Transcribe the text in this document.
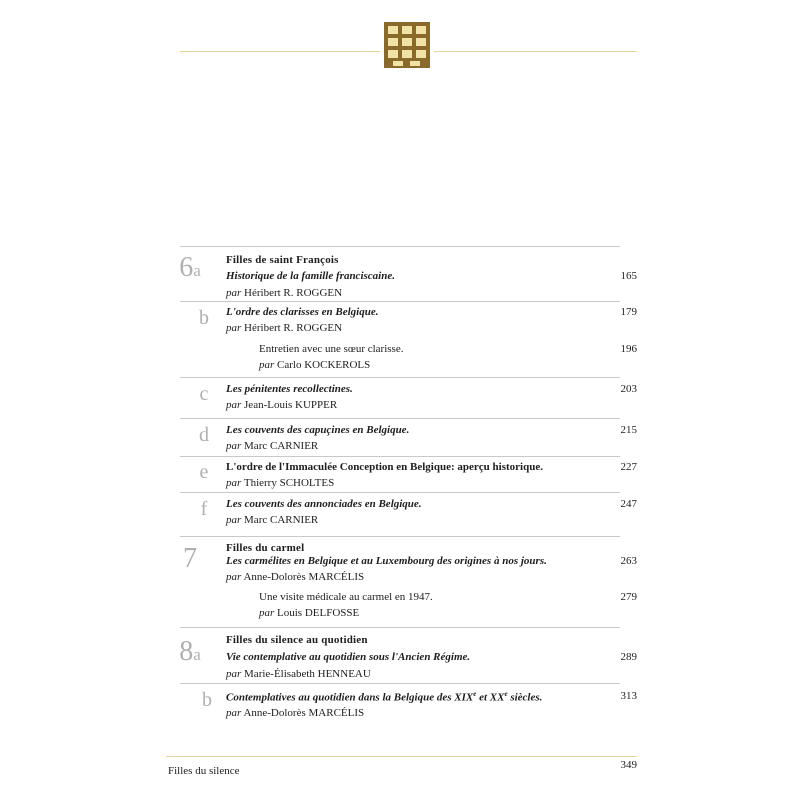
6a
Filles de saint François
Historique de la famille franciscaine.	165
par Héribert R. ROGGEN
b	L'ordre des clarisses en Belgique.	179
par Héribert R. ROGGEN
Entretien avec une sœur clarisse.	196
par Carlo KOCKEROLS
c	Les pénitentes recollectines.	203
par Jean-Louis KUPPER
d	Les couvents des capuçines en Belgique.	215
par Marc CARNIER
e	L'ordre de l'Immaculée Conception en Belgique: aperçu historique.	227
par Thierry SCHOLTES
f	Les couvents des annonciades en Belgique.	247
par Marc CARNIER
7	Filles du carmel
Les carmélites en Belgique et au Luxembourg des origines à nos jours.	263
par Anne-Dolorès MARCÉLIS
Une visite médicale au carmel en 1947.	279
par Louis DELFOSSE
8a
Filles du silence au quotidien
Vie contemplative au quotidien sous l'Ancien Régime.	289
par Marie-Élisabeth HENNEAU
b	Contemplatives au quotidien dans la Belgique des XIXe et XXe siècles.	313
par Anne-Dolorès MARCÉLIS
Filles du silence	349
